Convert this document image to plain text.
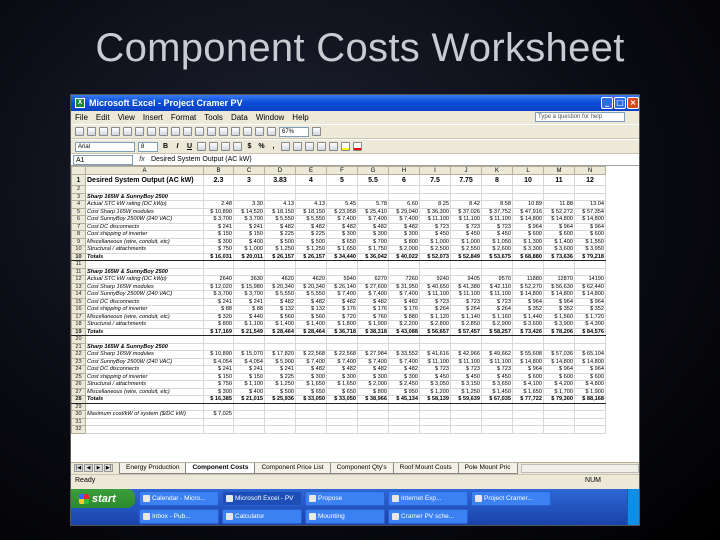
Component Costs Worksheet
X Microsoft Excel - Project Cramer PV	_ □ ×
File Edit View Insert Format Tools Data Window Help	Type a question for help
67%
Arial	8	B	I	U	$ %	,
A1	fx Desired System Output (AC kW)
	A	B	C	D	E	F	G	H	I	J	K	L	M	N
1	Desired System Output (AC kW)	2.3	3	3.83	4	5	5.5	6	7.5	7.75	8	10	11	12
2														
3	Sharp 165W & SunnyBoy 2500													
4	Actual STC kW rating (DC kWp)	2.48	3.30	4.13	4.13	5.45	5.78	6.60	8.25	8.42	8.58	10.89	11.88	13.04
5	Cost Sharp 165W modules	$ 10,890	$ 14,520	$ 18,150	$ 18,150	$ 23,958	$ 25,410	$ 29,040	$ 36,300	$ 37,026	$ 37,752	$ 47,916	$ 52,272	$ 57,354
6	Cost SunnyBoy 2500W (240 VAC)	$ 3,700	$ 3,700	$ 5,550	$ 5,550	$ 7,400	$ 7,400	$ 7,400	$ 11,100	$ 11,100	$ 11,100	$ 14,800	$ 14,800	$ 14,800
7	Cost DC disconnects	$ 241	$ 241	$ 482	$ 482	$ 482	$ 482	$ 482	$ 723	$ 723	$ 723	$ 964	$ 964	$ 964
8	Cost shipping of inverter	$ 150	$ 150	$ 225	$ 225	$ 300	$ 300	$ 300	$ 450	$ 450	$ 450	$ 600	$ 600	$ 600
9	Miscellaneous (wire, conduit, etc)	$ 300	$ 400	$ 500	$ 500	$ 650	$ 700	$ 800	$ 1,000	$ 1,000	$ 1,050	$ 1,300	$ 1,400	$ 1,550
10	Structural / attachments	$ 750	$ 1,000	$ 1,250	$ 1,250	$ 1,650	$ 1,750	$ 2,000	$ 2,500	$ 2,550	$ 2,600	$ 3,300	$ 3,600	$ 3,950
10	Totals	$ 16,031	$ 20,011	$ 26,157	$ 26,157	$ 34,440	$ 36,042	$ 40,022	$ 52,073	$ 52,849	$ 53,675	$ 68,880	$ 73,636	$ 79,218
11														
11	Sharp 165W & SunnyBoy 2500													
12	Actual STC kW rating (DC kWp)	2640	3630	4620	4620	5940	6270	7260	9240	9405	9570	11880	12870	14190
13	Cost Sharp 165W modules	$ 12,020	$ 15,980	$ 20,340	$ 20,340	$ 26,140	$ 27,600	$ 31,950	$ 40,650	$ 41,380	$ 42,110	$ 52,270	$ 56,630	$ 62,440
14	Cost SunnyBoy 2500W (240 VAC)	$ 3,700	$ 3,700	$ 5,550	$ 5,550	$ 7,400	$ 7,400	$ 7,400	$ 11,100	$ 11,100	$ 11,100	$ 14,800	$ 14,800	$ 14,800
15	Cost DC disconnects	$ 241	$ 241	$ 482	$ 482	$ 482	$ 482	$ 482	$ 723	$ 723	$ 723	$ 964	$ 964	$ 964
16	Cost shipping of inverter	$ 88	$ 88	$ 132	$ 132	$ 176	$ 176	$ 176	$ 264	$ 264	$ 264	$ 352	$ 352	$ 352
17	Miscellaneous (wire, conduit, etc)	$ 320	$ 440	$ 560	$ 560	$ 720	$ 760	$ 880	$ 1,120	$ 1,140	$ 1,160	$ 1,440	$ 1,560	$ 1,720
18	Structural / attachments	$ 800	$ 1,100	$ 1,400	$ 1,400	$ 1,800	$ 1,900	$ 2,200	$ 2,800	$ 2,850	$ 2,900	$ 3,600	$ 3,900	$ 4,300
19	Totals	$ 17,169	$ 21,549	$ 28,464	$ 28,464	$ 36,718	$ 38,318	$ 43,088	$ 56,657	$ 57,457	$ 58,257	$ 73,426	$ 78,206	$ 84,576
20														
21	Sharp 165W & SunnyBoy 2500													
22	Cost Sharp 165W modules	$ 10,890	$ 15,070	$ 17,820	$ 22,568	$ 22,568	$ 27,984	$ 33,552	$ 41,616	$ 42,966	$ 49,662	$ 55,608	$ 57,036	$ 65,104
23	Cost SunnyBoy 2500W (240 VAC)	$ 4,054	$ 4,054	$ 5,900	$ 7,400	$ 7,400	$ 7,400	$ 7,400	$ 11,100	$ 11,100	$ 11,100	$ 14,800	$ 14,800	$ 14,800
24	Cost DC disconnects	$ 241	$ 241	$ 241	$ 482	$ 482	$ 482	$ 482	$ 723	$ 723	$ 723	$ 964	$ 964	$ 964
25	Cost shipping of inverter	$ 150	$ 150	$ 225	$ 300	$ 300	$ 300	$ 300	$ 450	$ 450	$ 450	$ 600	$ 600	$ 600
26	Structural / attachments	$ 750	$ 1,100	$ 1,250	$ 1,650	$ 1,650	$ 2,000	$ 2,450	$ 3,050	$ 3,150	$ 3,650	$ 4,100	$ 4,200	$ 4,800
27	Miscellaneous (wire, conduit, etc)	$ 300	$ 400	$ 500	$ 650	$ 650	$ 800	$ 950	$ 1,200	$ 1,250	$ 1,450	$ 1,650	$ 1,700	$ 1,900
28	Totals	$ 16,385	$ 21,015	$ 25,936	$ 33,050	$ 33,050	$ 38,966	$ 45,134	$ 58,139	$ 59,639	$ 67,035	$ 77,722	$ 79,300	$ 88,168
29														
30	Maximum cost/kW of system ($/DC kW)	$ 7,025												
31														
32														
|◀	◀	▶	▶|	Energy Production	Component Costs	Component Price List	Component Qty's	Roof Mount Costs	Pole Mount Pric
Ready	NUM
start	Calendar - Micro...	Microsoft Excel - PV	Propose	Internet Exp...	Project Cramer...
Inbox - Pub...	Calculator	Mounting	Cramer PV sche...
